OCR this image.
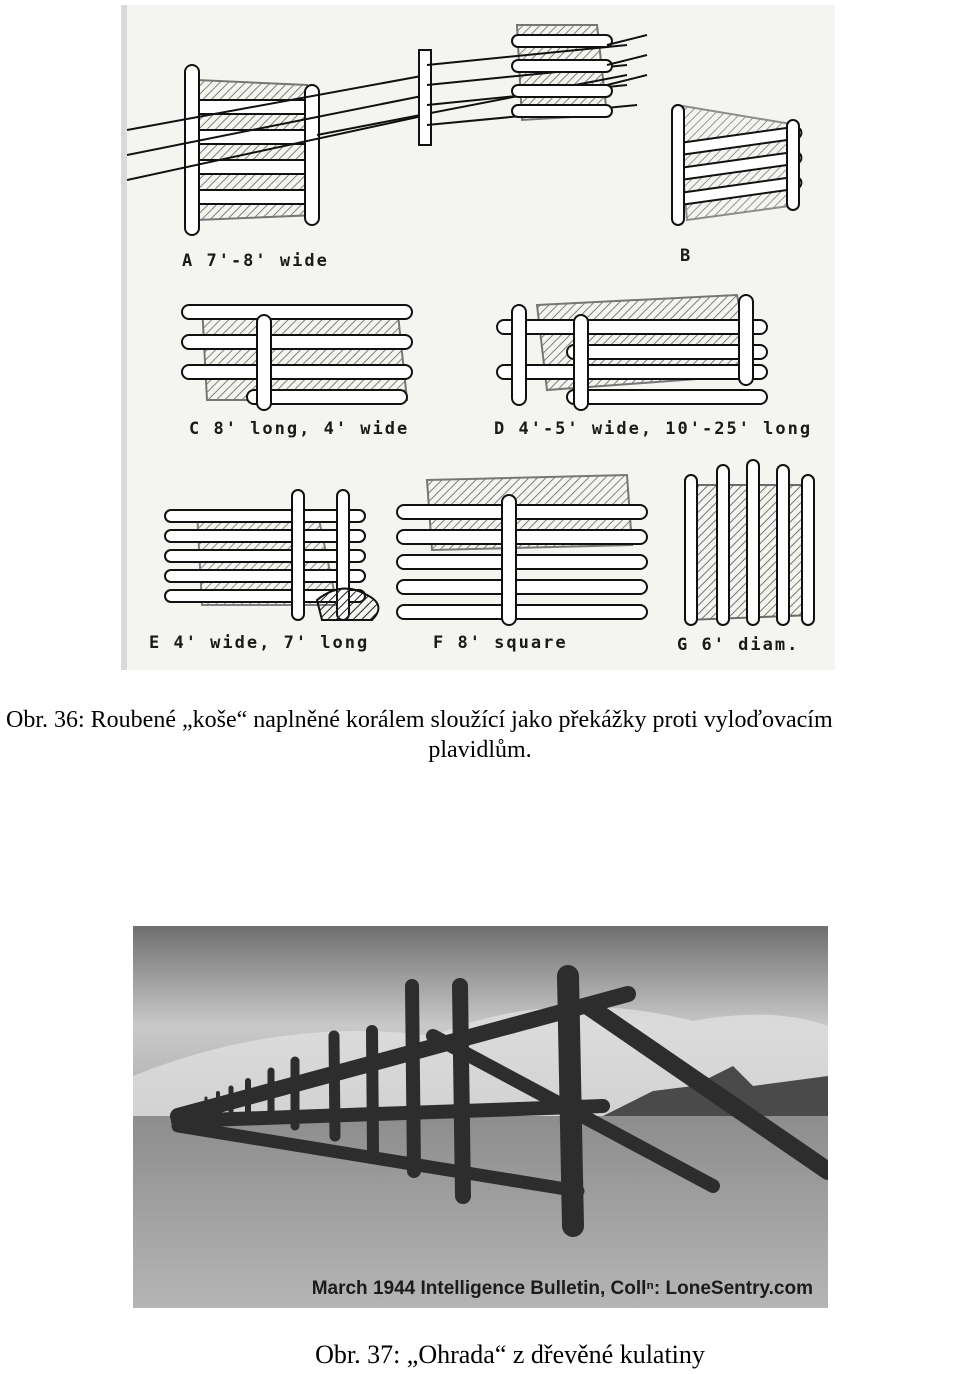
A 7'-8' wide	B
C 8' long, 4' wide	D 4'-5' wide, 10'-25' long
E 4' wide, 7' long	F 8' square	G 6' diam.
Obr. 36: Roubené „koše“ naplněné korálem sloužící jako překážky proti vyloďovacím
plavidlům.
March 1944 Intelligence Bulletin, Collⁿ: LoneSentry.com
Obr. 37: „Ohrada“ z dřevěné kulatiny
